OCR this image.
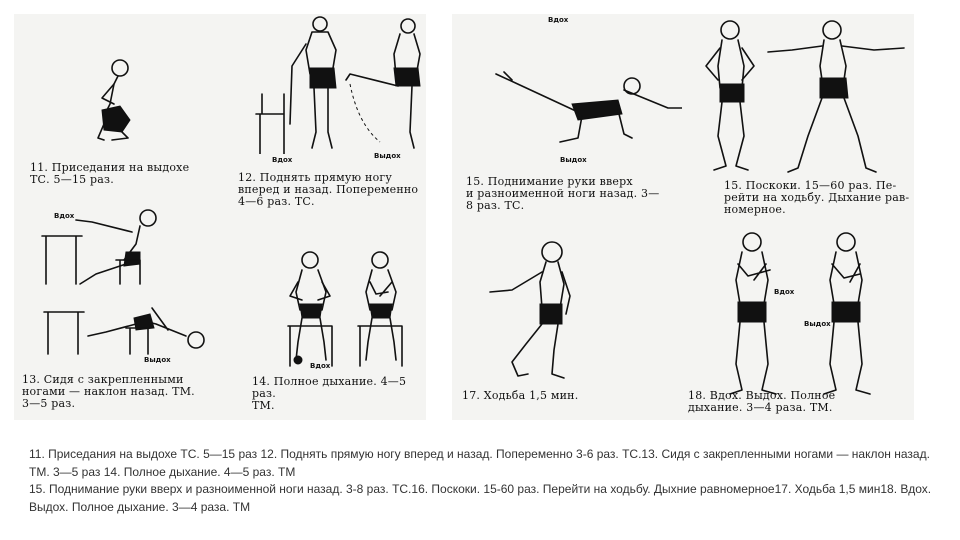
11. Приседания на выдохе
ТС. 5—15 раз.
Вдох	Выдох
12. Поднять прямую ногу
вперед и назад. Попеременно
4—6 раз. ТС.
Вдох
Выдох
13. Сидя с закрепленными
ногами — наклон назад. ТМ.
3—5 раз.
Вдох
14. Полное дыхание. 4—5 раз.
ТМ.
Вдох
Выдох
15. Поднимание руки вверх
и разноименной ноги назад. 3—
8 раз. ТС.
15. Поскоки. 15—60 раз. Пе-
рейти на ходьбу. Дыхание рав-
номерное.
17. Ходьба 1,5 мин.
Вдох
Выдох
18. Вдох. Выдох. Полное
дыхание. 3—4 раза. ТМ.
11. Приседания на выдохе ТС. 5—15 раз 12. Поднять прямую ногу вперед и назад. Попеременно 3-6 раз. ТС.13. Сидя с закрепленными ногами — наклон назад. ТМ. 3—5 раз 14. Полное дыхание. 4—5 раз. ТМ
15. Поднимание руки вверх и разноименной ноги назад. 3-8 раз. ТС.16. Поскоки. 15-60 раз. Перейти на ходьбу. Дыхние равномерное17. Ходьба 1,5 мин18. Вдох. Выдох. Полное дыхание. 3—4 раза. ТМ
